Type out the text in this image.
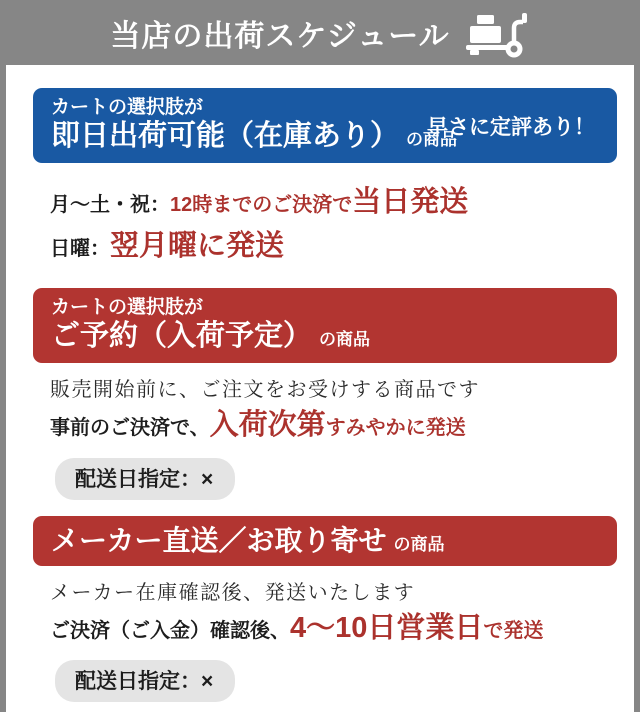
当店の出荷スケジュール
カートの選択肢が
即日出荷可能（在庫あり） の商品
早さに定評あり！
月～土・祝：12時までのご決済で当日発送
日曜：翌月曜に発送
カートの選択肢が
ご予約（入荷予定） の商品
販売開始前に、ご注文をお受けする商品です
事前のご決済で、入荷次第すみやかに発送
配送日指定：×
メーカー直送／お取り寄せ の商品
メーカー在庫確認後、発送いたします
ご決済（ご入金）確認後、4～10日営業日で発送
配送日指定：×
